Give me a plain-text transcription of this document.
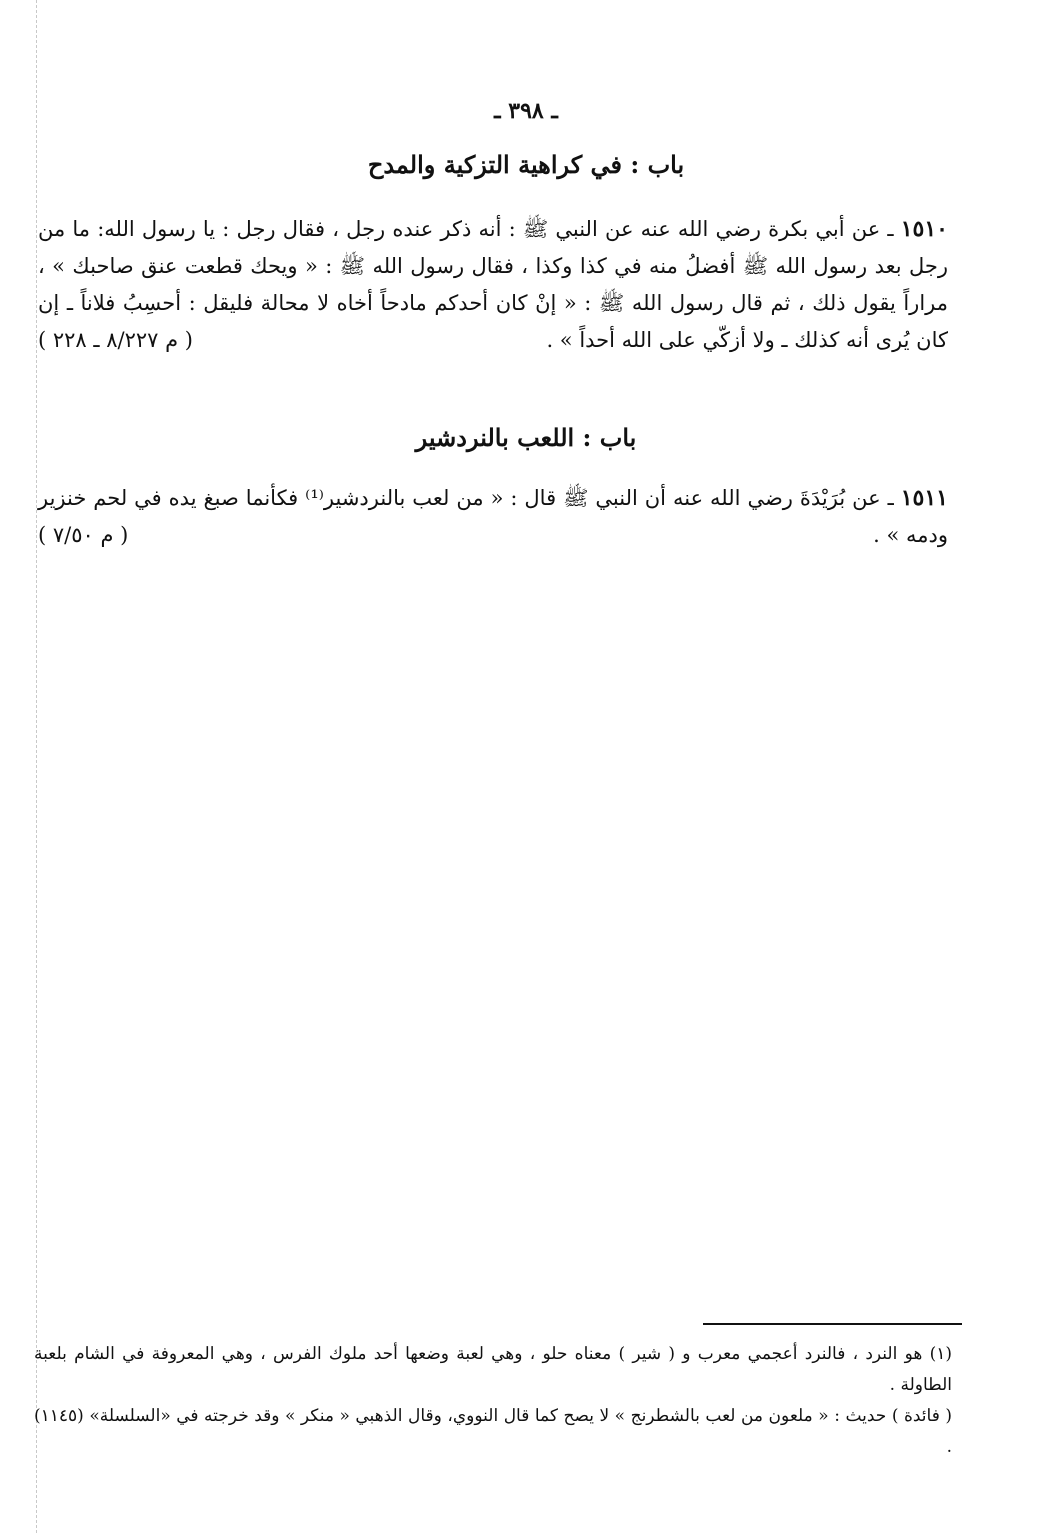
ـ ٣٩٨ ـ
باب : في كراهية التزكية والمدح
١٥١٠ ـ عن أبي بكرة رضي الله عنه عن النبي ﷺ : أنه ذكر عنده رجل ، فقال رجل : يا رسول الله: ما من رجل بعد رسول الله ﷺ أفضلُ منه في كذا وكذا ، فقال رسول الله ﷺ : « ويحك قطعت عنق صاحبك » ، مراراً يقول ذلك ، ثم قال رسول الله ﷺ : « إنْ كان أحدكم مادحاً أخاه لا محالة فليقل : أحسِبُ فلاناً ـ إن كان يُرى أنه كذلك ـ ولا أزكّي على الله أحداً » .
( م ٨/٢٢٧ ـ ٢٢٨ )
باب : اللعب بالنردشير
١٥١١ ـ عن بُرَيْدَةَ رضي الله عنه أن النبي ﷺ قال : « من لعب بالنردشير⁽¹⁾ فكأنما صبغ يده في لحم خنزير ودمه » .
( م ٧/٥٠ )

(١) هو النرد ، فالنرد أعجمي معرب و ( شير ) معناه حلو ، وهي لعبة وضعها أحد ملوك الفرس ، وهي المعروفة في الشام بلعبة الطاولة .

( فائدة ) حديث : « ملعون من لعب بالشطرنج » لا يصح كما قال النووي، وقال الذهبي « منكر » وقد خرجته في «السلسلة» (١١٤٥) .
